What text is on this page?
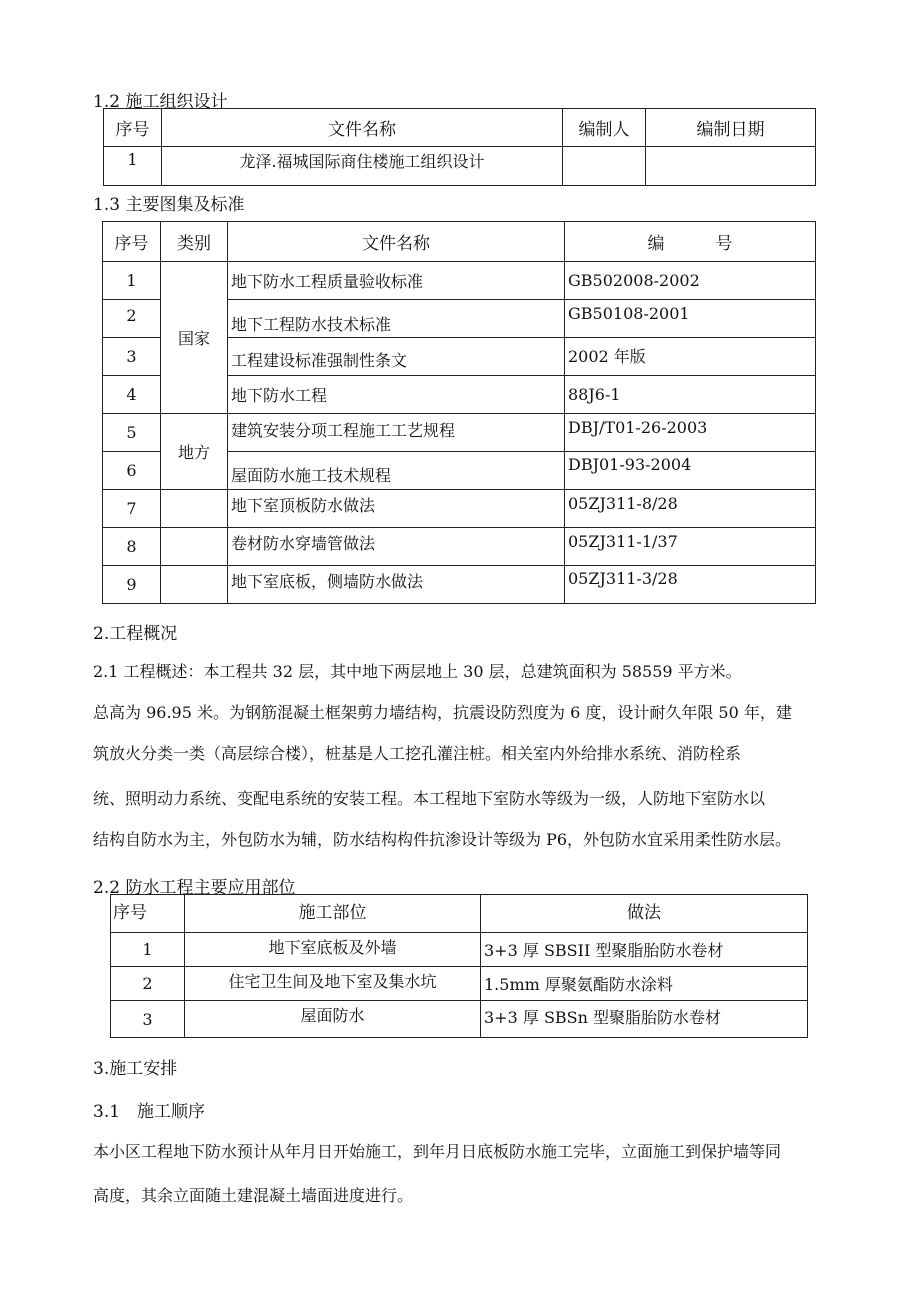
1.2 施工组织设计
序号	文件名称	编制人	编制日期
1	龙泽.福城国际商住楼施工组织设计		
1.3 主要图集及标准
序号	类别	文件名称	编　　　号
1	国家	地下防水工程质量验收标准	GB502008-2002
2		地下工程防水技术标准	GB50108-2001
3		工程建设标准强制性条文	2002 年版
4		地下防水工程	88J6-1
5	地方	建筑安装分项工程施工工艺规程	DBJ/T01-26-2003
6		屋面防水施工技术规程	DBJ01-93-2004
7		地下室顶板防水做法	05ZJ311-8/28
8		卷材防水穿墙管做法	05ZJ311-1/37
9		地下室底板，侧墙防水做法	05ZJ311-3/28
2.工程概况
2.1 工程概述：本工程共 32 层，其中地下两层地上 30 层，总建筑面积为 58559 平方米。
总高为 96.95 米。为钢筋混凝土框架剪力墙结构，抗震设防烈度为 6 度，设计耐久年限 50 年，建
筑放火分类一类（高层综合楼），桩基是人工挖孔灌注桩。相关室内外给排水系统、消防栓系
统、照明动力系统、变配电系统的安装工程。本工程地下室防水等级为一级，人防地下室防水以
结构自防水为主，外包防水为辅，防水结构构件抗渗设计等级为 P6，外包防水宜采用柔性防水层。
2.2 防水工程主要应用部位
序号	施工部位	做法
1	地下室底板及外墙	3+3 厚 SBSII 型聚脂胎防水卷材
2	住宅卫生间及地下室及集水坑	1.5mm 厚聚氨酯防水涂料
3	屋面防水	3+3 厚 SBSn 型聚脂胎防水卷材
3.施工安排
3.1　施工顺序
本小区工程地下防水预计从年月日开始施工，到年月日底板防水施工完毕，立面施工到保护墙等同
高度，其余立面随土建混凝土墙面进度进行。
